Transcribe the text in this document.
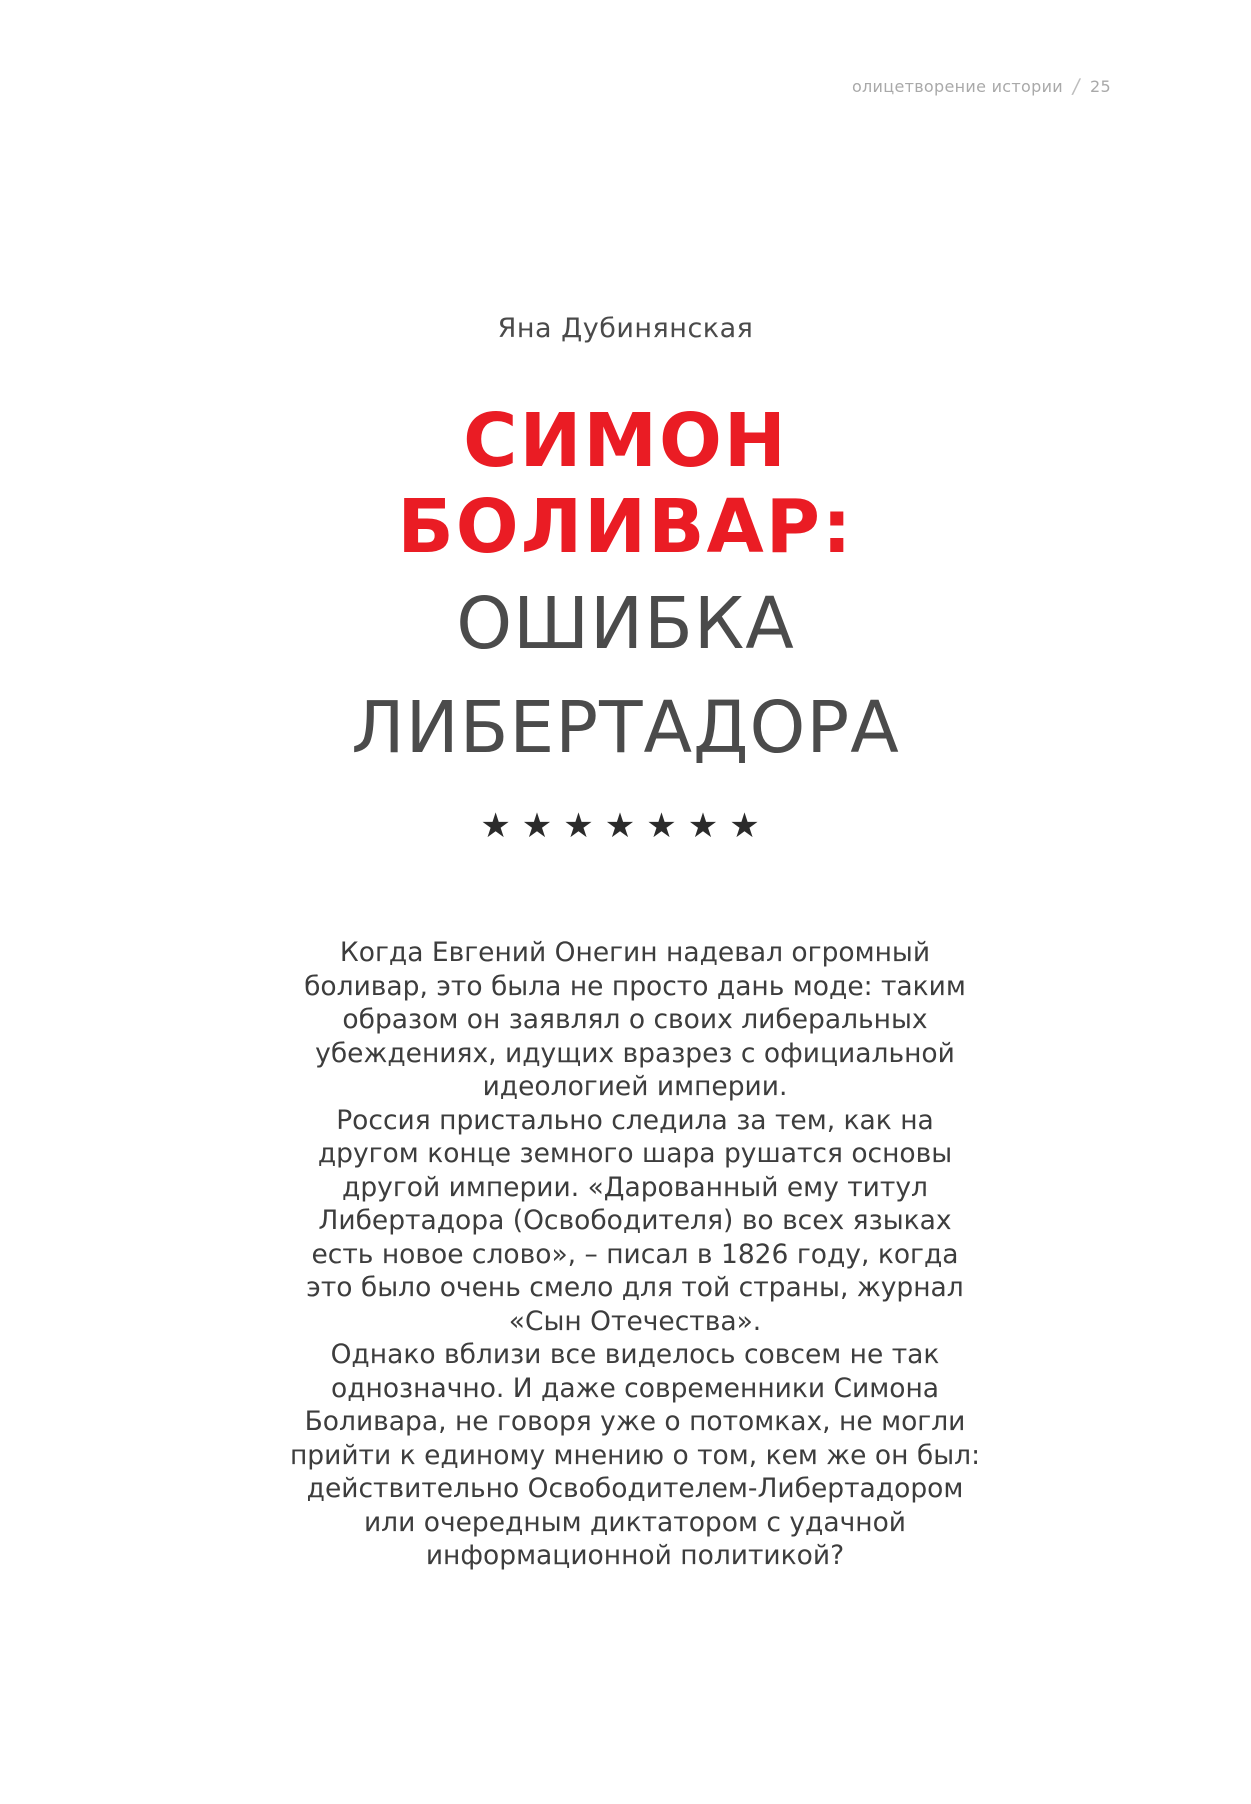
олицетворение истории / 25
Яна Дубинянская
СИМОН
БОЛИВАР:
ОШИБКА
ЛИБЕРТАДОРА
★★★★★★★

Когда Евгений Онегин надевал огромный боливар, это была не просто дань моде: таким образом он заявлял о своих либеральных убеждениях, идущих вразрез с официальной идеологией империи.

Россия пристально следила за тем, как на другом конце земного шара рушатся основы другой империи. «Дарованный ему титул Либертадора (Освободителя) во всех языках есть новое слово», – писал в 1826 году, когда это было очень смело для той страны, журнал «Сын Отечества».

Однако вблизи все виделось совсем не так однозначно. И даже современники Симона Боливара, не говоря уже о потомках, не могли прийти к единому мнению о том, кем же он был: действительно Освободителем-Либертадором или очередным диктатором с удачной информационной политикой?
